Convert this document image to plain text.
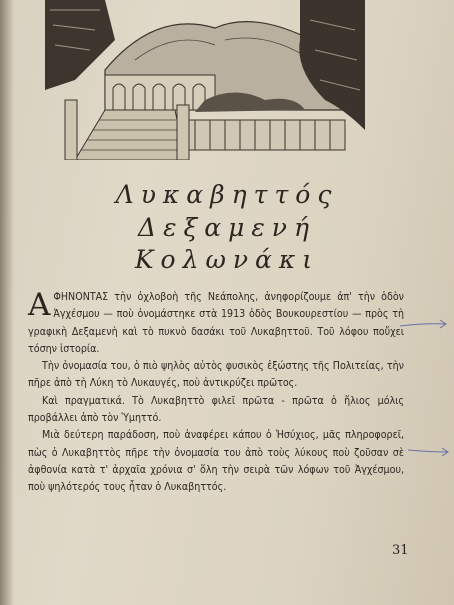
Λυκαβηττός
Δεξαμενή
Κολωνάκι

ΑΦΗΝΟΝΤΑΣ τὴν ὀχλοβοὴ τῆς Νεάπολης, ἀνηφορίζουμε ἀπ' τὴν ὁδὸν Ἀγχέσμου — ποὺ ὀνομάστηκε στὰ 1913 ὁδὸς Βουκουρεστίου — πρὸς τὴ γραφικὴ Δεξαμενὴ καὶ τὸ πυκνὸ δασάκι τοῦ Λυκαβηττοῦ. Τοῦ λόφου ποὔχει τόσην ἱστορία.

Τὴν ὀνομασία του, ὁ πιὸ ψηλὸς αὐτὸς φυσικὸς ἐξώστης τῆς Πολιτείας, τὴν πῆρε ἀπὸ τὴ Λύκη τὸ Λυκαυγές, ποὺ ἀντικρύζει πρῶτος.

Καὶ πραγματικά. Τὸ Λυκαβηττὸ φιλεῖ πρῶτα - πρῶτα ὁ ἥλιος μόλις προβάλλει ἀπὸ τὸν Ὑμηττό.

Μιὰ δεύτερη παράδοση, ποὺ ἀναφέρει κάπου ὁ Ἡσύχιος, μᾶς πληροφορεῖ, πὼς ὁ Λυκαβηττὸς πῆρε τὴν ὀνομασία του ἀπὸ τοὺς λύκους ποὺ ζοῦσαν σὲ ἀφθονία κατὰ τ' ἀρχαῖα χρόνια σ' ὅλη τὴν σειρὰ τῶν λόφων τοῦ Ἀγχέσμου, ποὺ ψηλότερός τους ἦταν ὁ Λυκαβηττός.

31
